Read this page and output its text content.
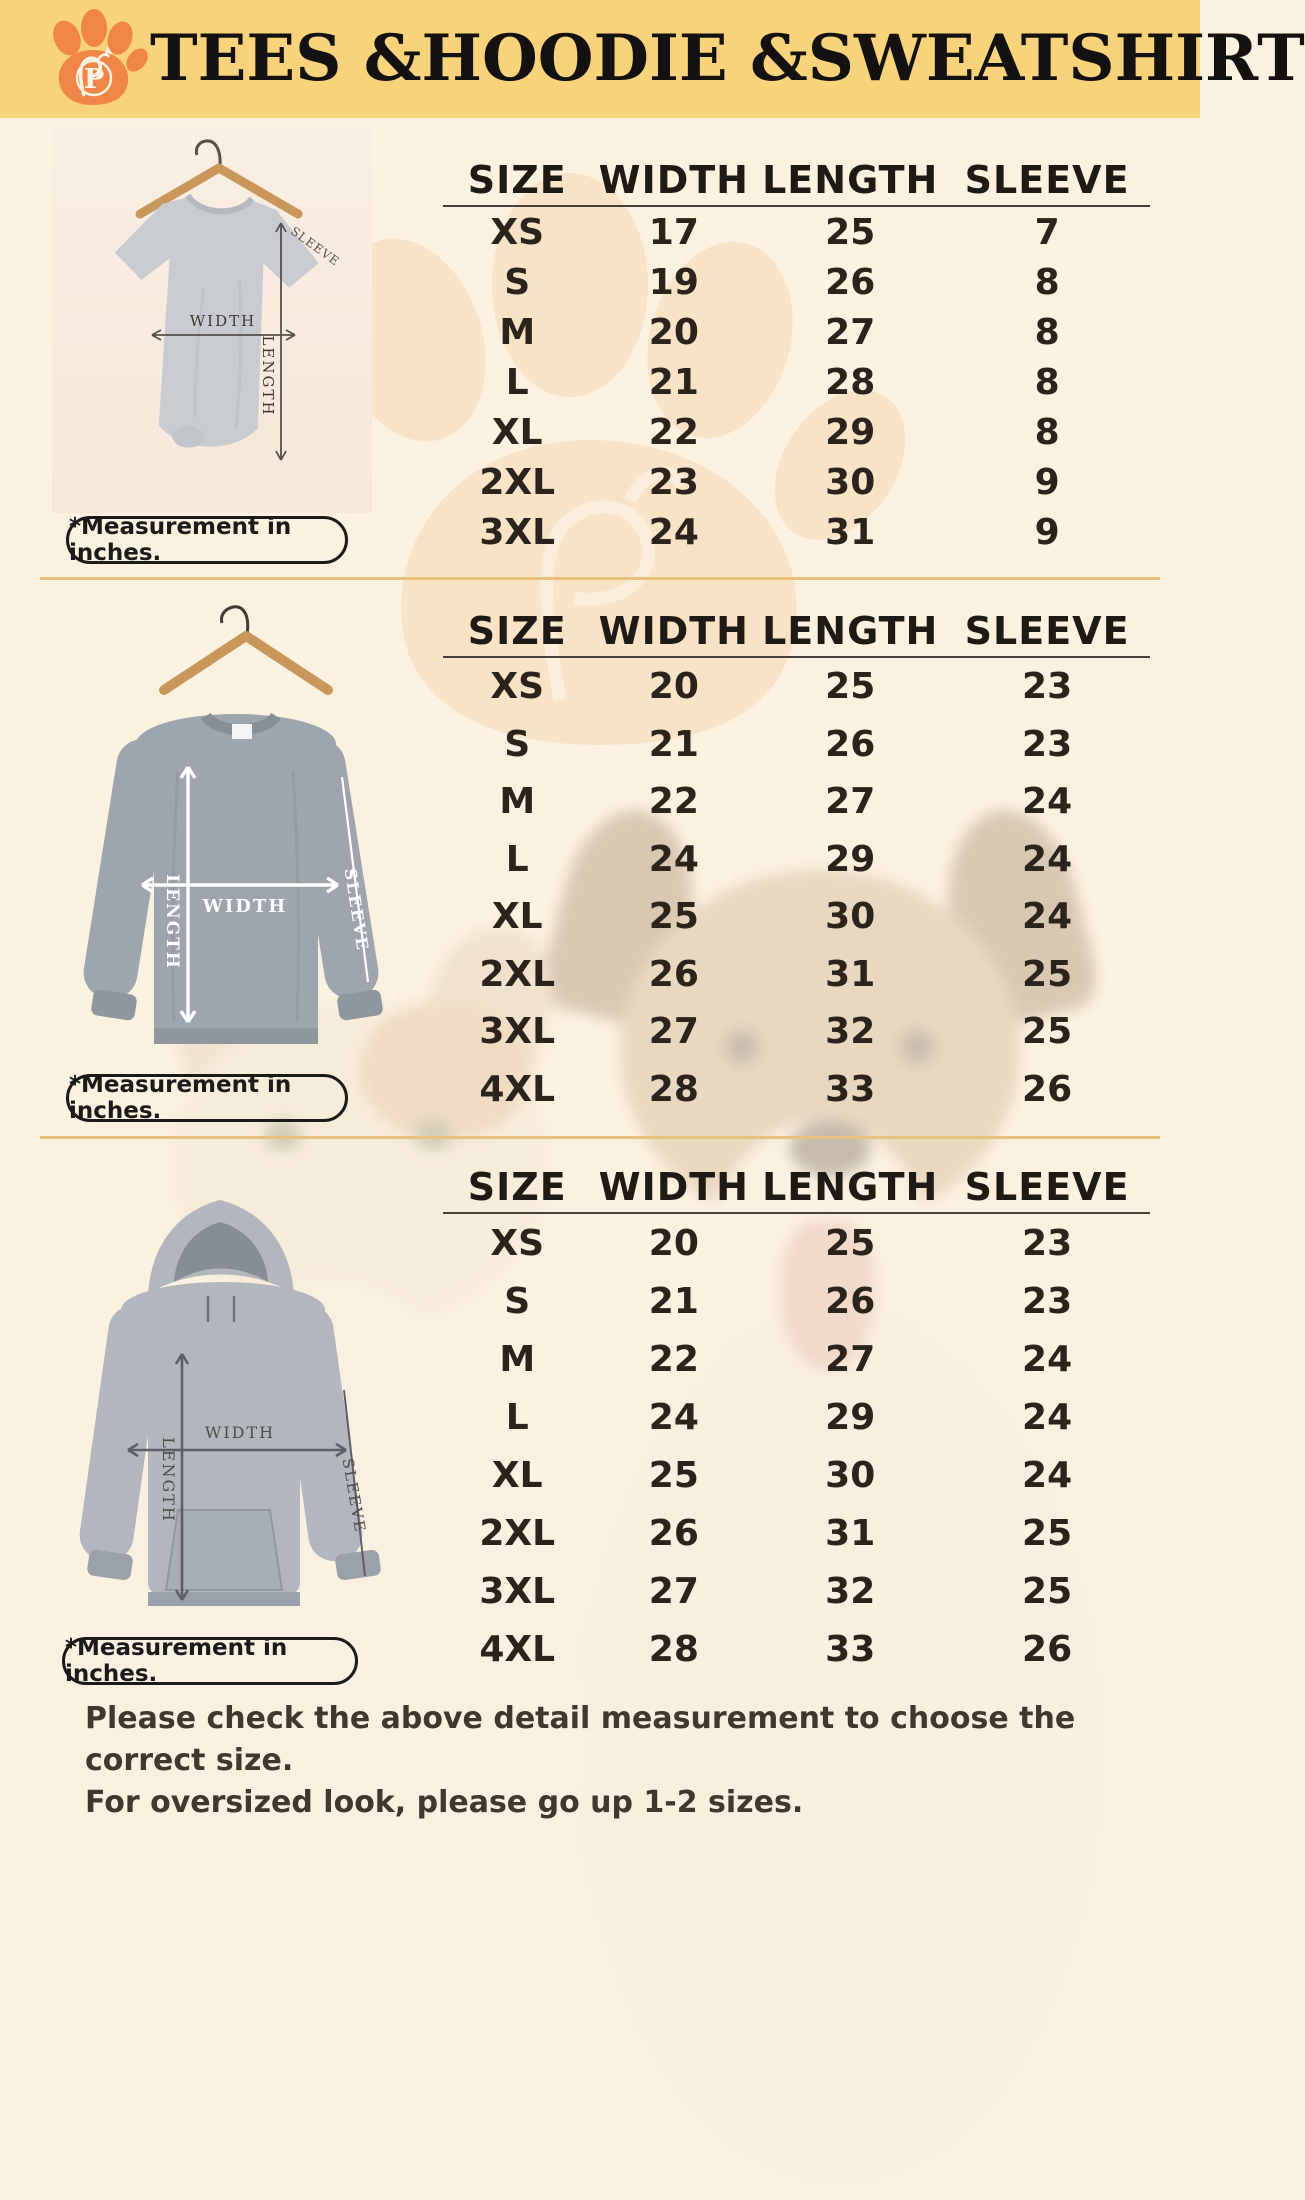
P TEES &HOODIE &SWEATSHIRT
WIDTH
LENGTH
SLEEVE
*Measurement in inches.
SIZE WIDTH LENGTH SLEEVE
XS	17	25	7
S	19	26	8
M	20	27	8
L	21	28	8
XL	22	29	8
2XL	23	30	9
3XL	24	31	9
WIDTH
LENGTH	SLEEVE
*Measurement in inches.
SIZE WIDTH LENGTH SLEEVE
XS	20	25	23
S	21	26	23
M	22	27	24
L	24	29	24
XL	25	30	24
2XL	26	31	25
3XL	27	32	25
4XL	28	33	26
WIDTH
LENGTH	SLEEVE
*Measurement in inches.
SIZE WIDTH LENGTH SLEEVE
XS	20	25	23
S	21	26	23
M	22	27	24
L	24	29	24
XL	25	30	24
2XL	26	31	25
3XL	27	32	25
4XL	28	33	26

Please check the above detail measurement to choose the correct size.

For oversized look, please go up 1-2 sizes.
